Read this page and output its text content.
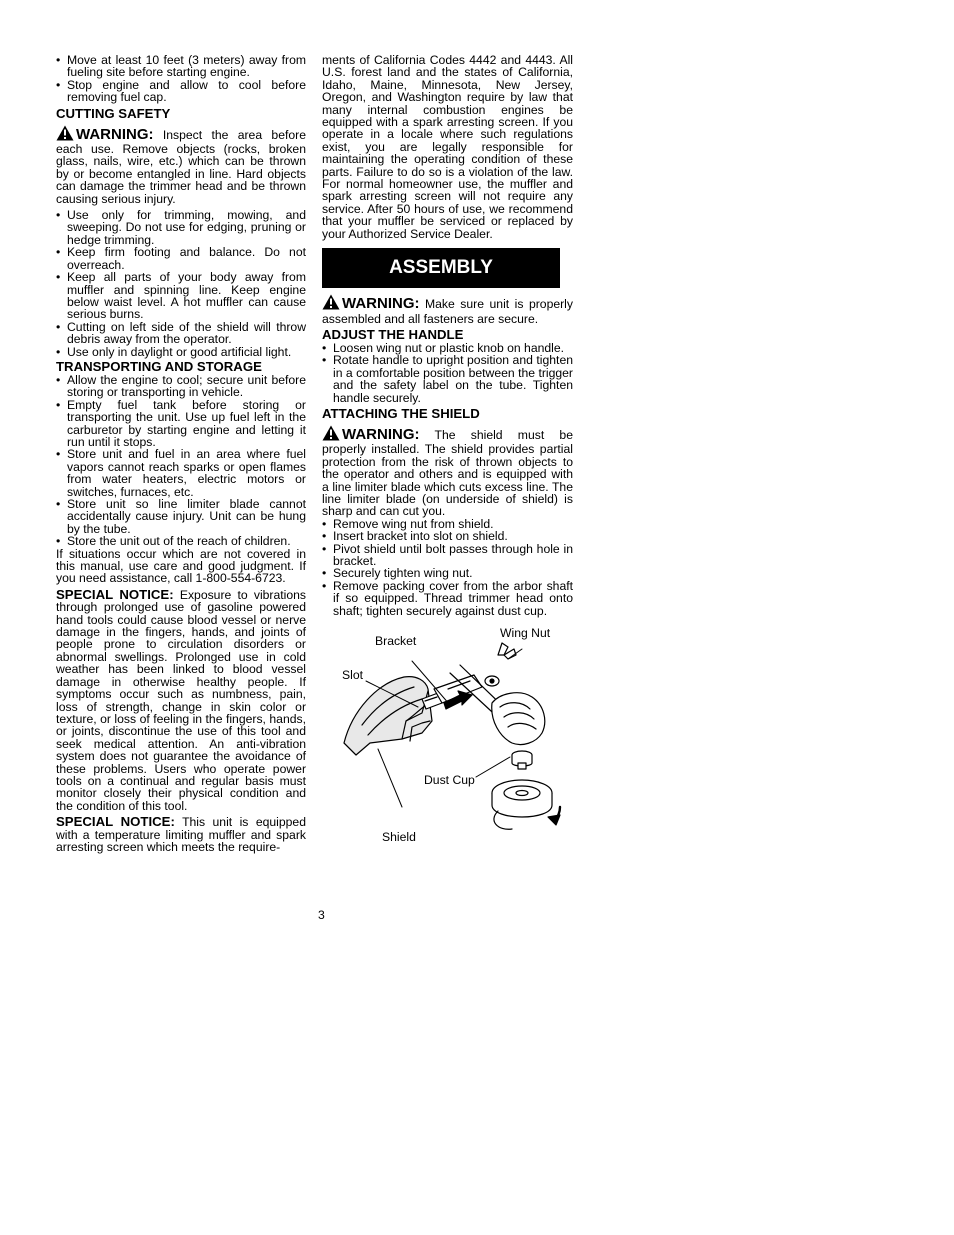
• Move at least 10 feet (3 meters) away from fueling site before starting engine.
• Stop engine and allow to cool before removing fuel cap.
CUTTING SAFETY

WARNING: Inspect the area before each use. Remove objects (rocks, broken glass, nails, wire, etc.) which can be thrown by or become entangled in line. Hard objects can damage the trimmer head and be thrown causing serious injury.

• Use only for trimming, mowing, and sweeping. Do not use for edging, pruning or hedge trimming.
• Keep firm footing and balance. Do not overreach.
• Keep all parts of your body away from muffler and spinning line. Keep engine below waist level. A hot muffler can cause serious burns.
• Cutting on left side of the shield will throw debris away from the operator.
• Use only in daylight or good artificial light.
TRANSPORTING AND STORAGE
• Allow the engine to cool; secure unit before storing or transporting in vehicle.
• Empty fuel tank before storing or transporting the unit. Use up fuel left in the carburetor by starting engine and letting it run until it stops.
• Store unit and fuel in an area where fuel vapors cannot reach sparks or open flames from water heaters, electric motors or switches, furnaces, etc.
• Store unit so line limiter blade cannot accidentally cause injury. Unit can be hung by the tube.
• Store the unit out of the reach of children.

If situations occur which are not covered in this manual, use care and good judgment. If you need assistance, call 1-800-554-6723.

SPECIAL NOTICE: Exposure to vibrations through prolonged use of gasoline powered hand tools could cause blood vessel or nerve damage in the fingers, hands, and joints of people prone to circulation disorders or abnormal swellings. Prolonged use in cold weather has been linked to blood vessel damage in otherwise healthy people. If symptoms occur such as numbness, pain, loss of strength, change in skin color or texture, or loss of feeling in the fingers, hands, or joints, discontinue the use of this tool and seek medical attention. An anti-vibration system does not guarantee the avoidance of these problems. Users who operate power tools on a continual and regular basis must monitor closely their physical condition and the condition of this tool.

SPECIAL NOTICE: This unit is equipped with a temperature limiting muffler and spark arresting screen which meets the require-

ments of California Codes 4442 and 4443. All U.S. forest land and the states of California, Idaho, Maine, Minnesota, New Jersey, Oregon, and Washington require by law that many internal combustion engines be equipped with a spark arresting screen. If you operate in a locale where such regulations exist, you are legally responsible for maintaining the operating condition of these parts. Failure to do so is a violation of the law. For normal homeowner use, the muffler and spark arresting screen will not require any service. After 50 hours of use, we recommend that your muffler be serviced or replaced by your Authorized Service Dealer.

ASSEMBLY

WARNING: Make sure unit is properly assembled and all fasteners are secure.

ADJUST THE HANDLE
• Loosen wing nut or plastic knob on handle.
• Rotate handle to upright position and tighten in a comfortable position between the trigger and the safety label on the tube. Tighten handle securely.
ATTACHING THE SHIELD

WARNING: The shield must be properly installed. The shield provides partial protection from the risk of thrown objects to the operator and others and is equipped with a line limiter blade which cuts excess line. The line limiter blade (on underside of shield) is sharp and can cut you.

• Remove wing nut from shield.
• Insert bracket into slot on shield.
• Pivot shield until bolt passes through hole in bracket.
• Securely tighten wing nut.
• Remove packing cover from the arbor shaft if so equipped. Thread trimmer head onto shaft; tighten securely against dust cup.
Bracket
Wing Nut
Slot
Dust Cup
Shield
3
